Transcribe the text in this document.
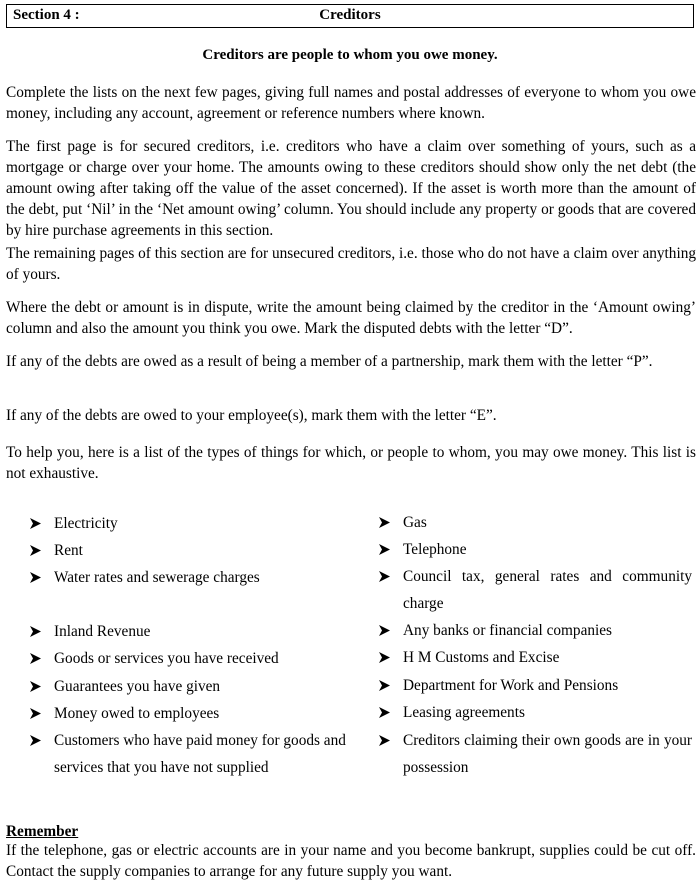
Section 4 :	Creditors
Creditors are people to whom you owe money.
Complete the lists on the next few pages, giving full names and postal addresses of everyone to whom you owe money, including any account, agreement or reference numbers where known.
The first page is for secured creditors, i.e. creditors who have a claim over something of yours, such as a mortgage or charge over your home. The amounts owing to these creditors should show only the net debt (the amount owing after taking off the value of the asset concerned). If the asset is worth more than the amount of the debt, put ‘Nil’ in the ‘Net amount owing’ column. You should include any property or goods that are covered by hire purchase agreements in this section.
The remaining pages of this section are for unsecured creditors, i.e. those who do not have a claim over anything of yours.
Where the debt or amount is in dispute, write the amount being claimed by the creditor in the ‘Amount owing’ column and also the amount you think you owe. Mark the disputed debts with the letter “D”.
If any of the debts are owed as a result of being a member of a partnership, mark them with the letter “P”.
If any of the debts are owed to your employee(s), mark them with the letter “E”.
To help you, here is a list of the types of things for which, or people to whom, you may owe money. This list is not exhaustive.
Electricity
Rent
Water rates and sewerage charges
Inland Revenue
Goods or services you have received
Guarantees you have given
Money owed to employees
Customers who have paid money for goods and services that you have not supplied
Gas
Telephone
Council tax, general rates and community charge
Any banks or financial companies
H M Customs and Excise
Department for Work and Pensions
Leasing agreements
Creditors claiming their own goods are in your possession
Remember
If the telephone, gas or electric accounts are in your name and you become bankrupt, supplies could be cut off. Contact the supply companies to arrange for any future supply you want.
